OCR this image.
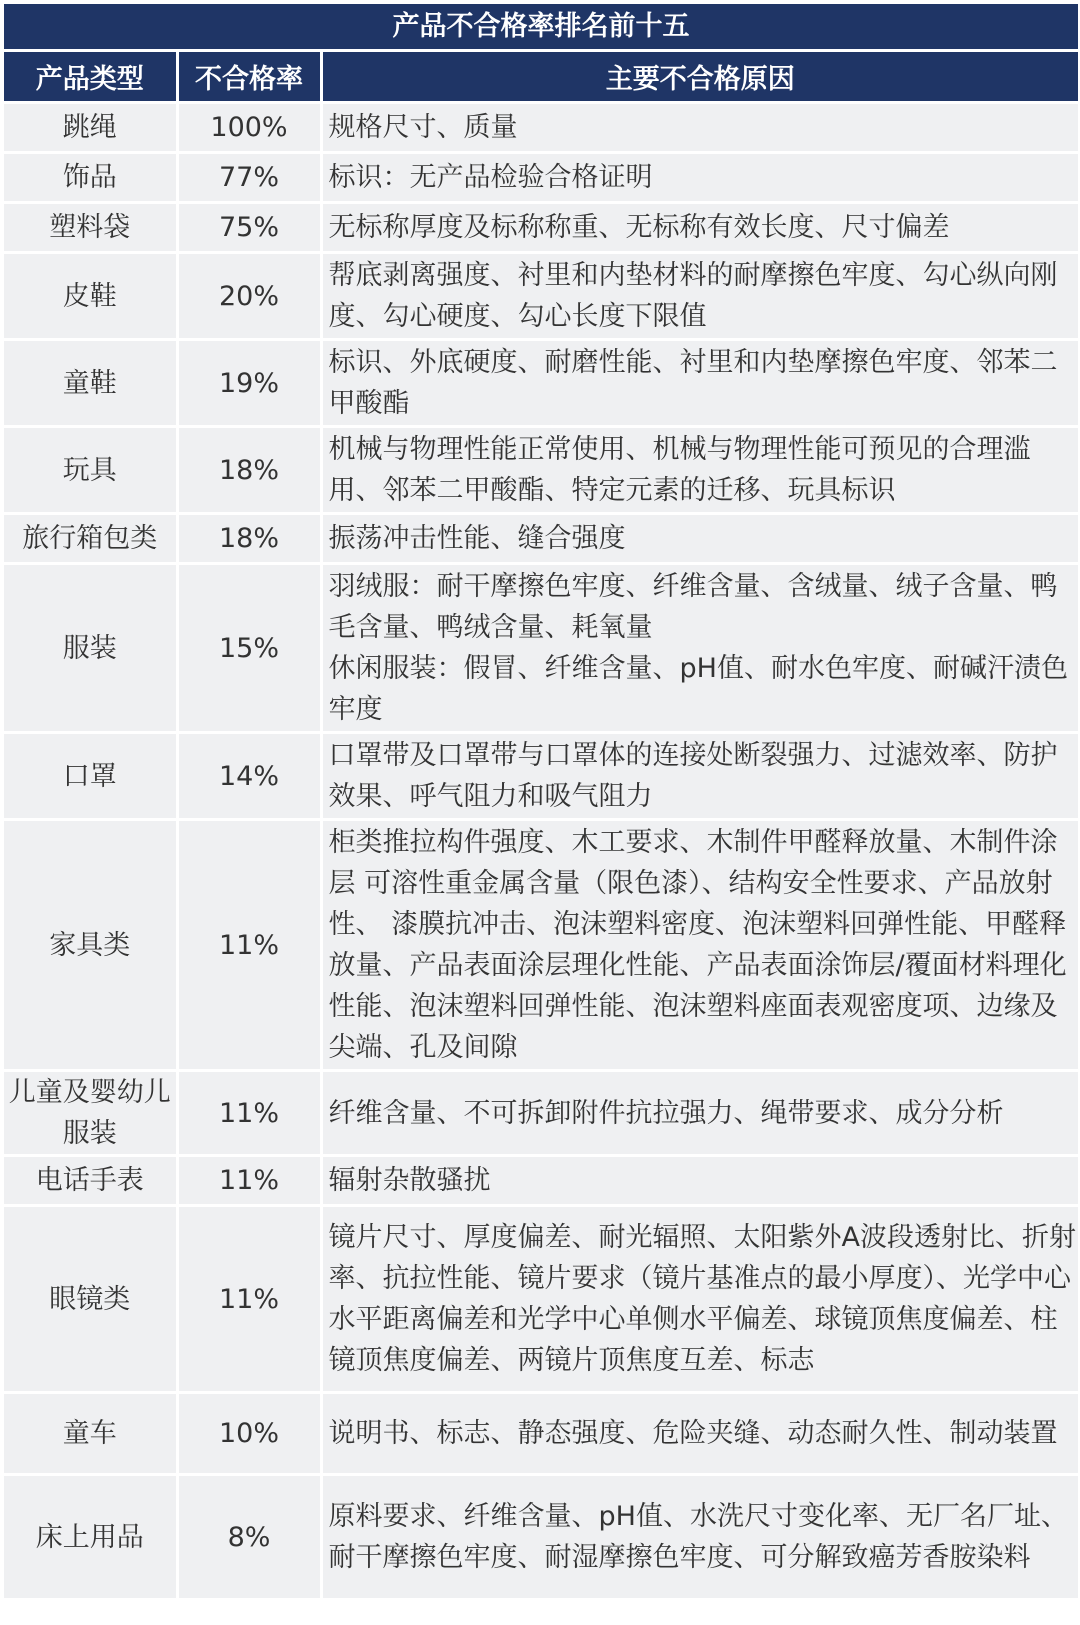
产品不合格率排名前十五
产品类型	不合格率	主要不合格原因
跳绳	100%	规格尺寸、质量

饰品	77%	标识：无产品检验合格证明

塑料袋	75%	无标称厚度及标称称重、无标称有效长度、尺寸偏差

皮鞋	20%	帮底剥离强度、衬里和内垫材料的耐摩擦色牢度、勾心纵向刚度、勾心硬度、勾心长度下限值

童鞋	19%	标识、外底硬度、耐磨性能、衬里和内垫摩擦色牢度、邻苯二甲酸酯

玩具	18%	机械与物理性能正常使用、机械与物理性能可预见的合理滥用、邻苯二甲酸酯、特定元素的迁移、玩具标识

旅行箱包类	18%	振荡冲击性能、缝合强度

服装	15%	羽绒服：耐干摩擦色牢度、纤维含量、含绒量、绒子含量、鸭毛含量、鸭绒含量、耗氧量
休闲服装：假冒、纤维含量、pH值、耐水色牢度、耐碱汗渍色牢度

口罩	14%	口罩带及口罩带与口罩体的连接处断裂强力、过滤效率、防护效果、呼气阻力和吸气阻力

家具类	11%	柜类推拉构件强度、木工要求、木制件甲醛释放量、木制件涂层 可溶性重金属含量（限色漆）、结构安全性要求、产品放射性、 漆膜抗冲击、泡沫塑料密度、泡沫塑料回弹性能、甲醛释放量、产品表面涂层理化性能、产品表面涂饰层/覆面材料理化性能、泡沫塑料回弹性能、泡沫塑料座面表观密度项、边缘及尖端、孔及间隙

儿童及婴幼儿服装	11%	纤维含量、不可拆卸附件抗拉强力、绳带要求、成分分析

电话手表	11%	辐射杂散骚扰

眼镜类	11%	镜片尺寸、厚度偏差、耐光辐照、太阳紫外A波段透射比、折射率、抗拉性能、镜片要求（镜片基准点的最小厚度）、光学中心水平距离偏差和光学中心单侧水平偏差、球镜顶焦度偏差、柱镜顶焦度偏差、两镜片顶焦度互差、标志

童车	10%	说明书、标志、静态强度、危险夹缝、动态耐久性、制动装置

床上用品	8%	原料要求、纤维含量、pH值、水洗尺寸变化率、无厂名厂址、耐干摩擦色牢度、耐湿摩擦色牢度、可分解致癌芳香胺染料
